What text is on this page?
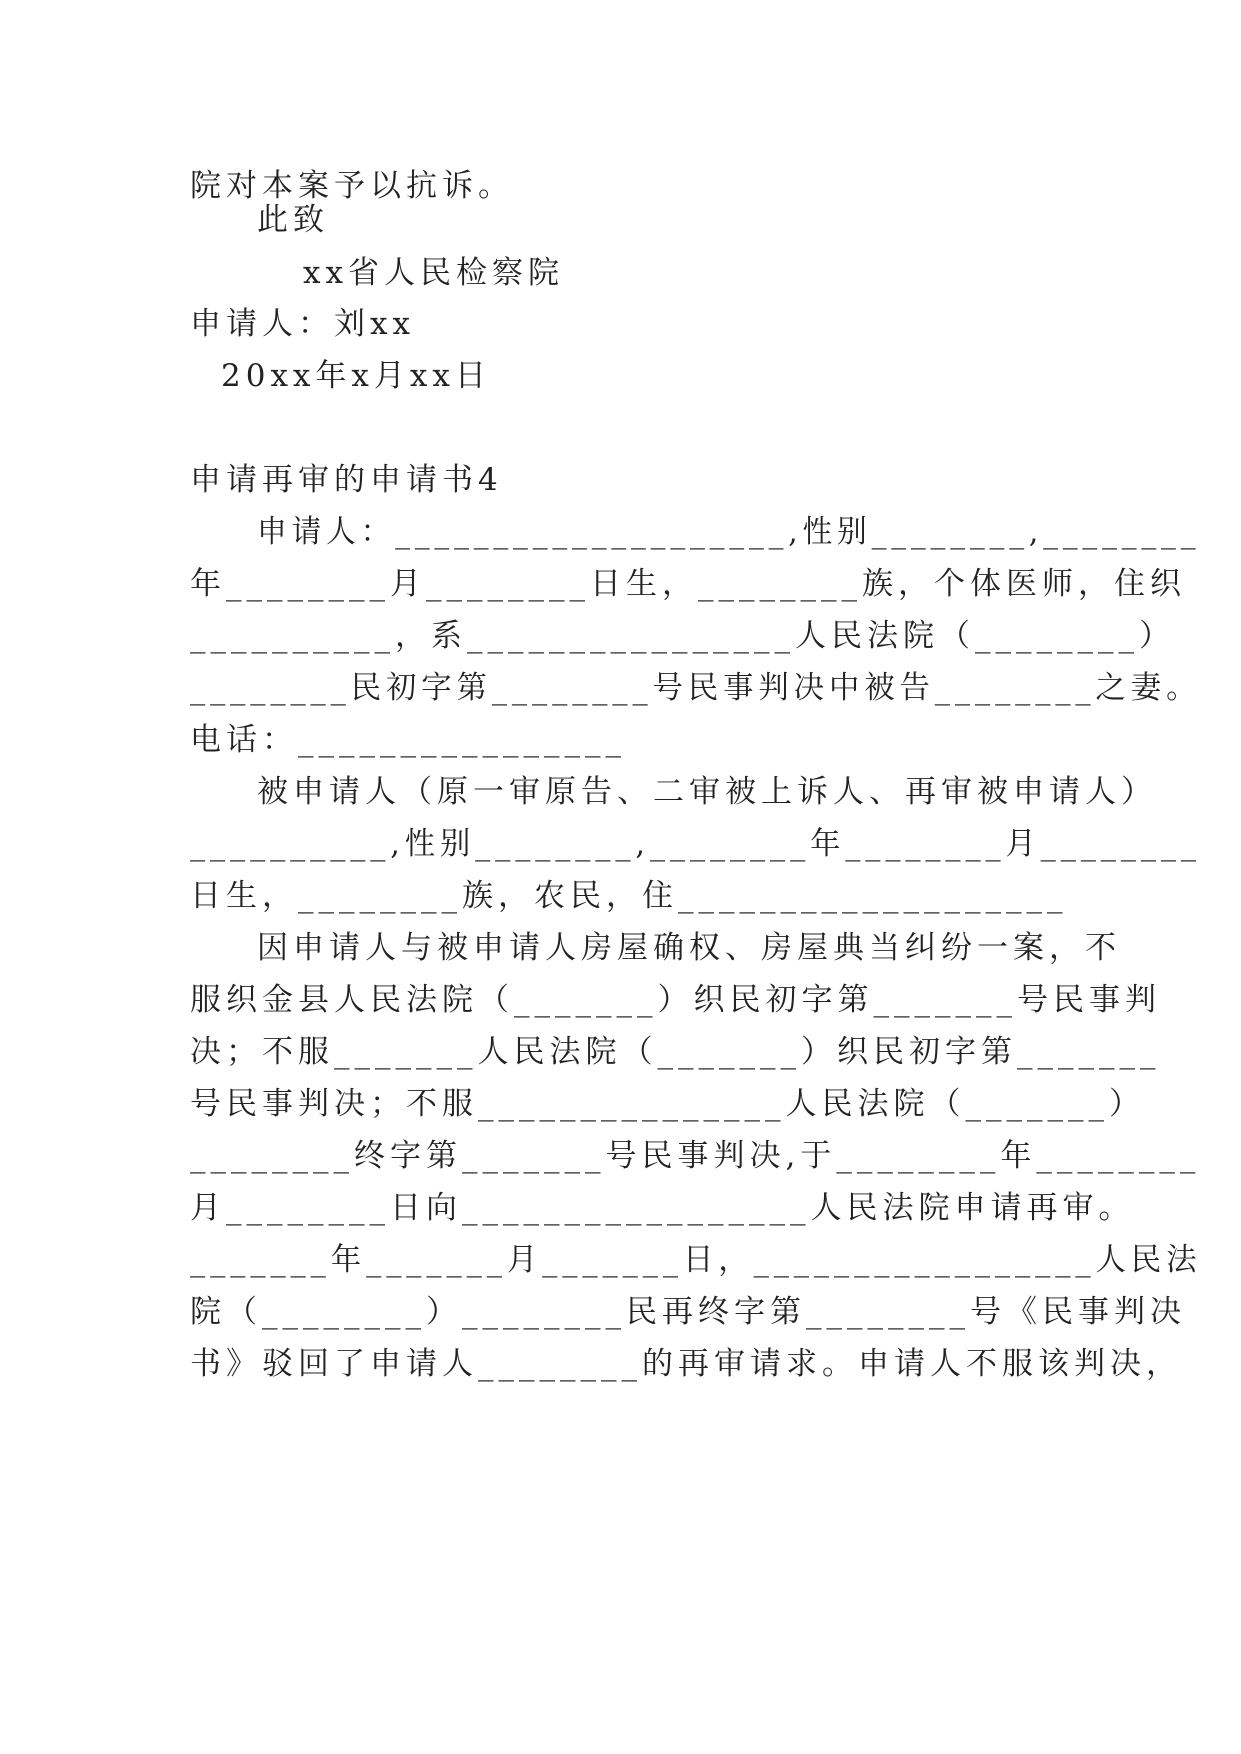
院对本案予以抗诉。
此致
xx省人民检察院
申请人：刘xx
20xx年x月xx日
申请再审的申请书4
申请人：____________________,性别________,________
年________月________日生，________族，个体医师，住织
__________，系________________人民法院（________）
________民初字第________号民事判决中被告________之妻。
电话：________________
被申请人（原一审原告、二审被上诉人、再审被申请人）
__________,性别________,________年________月________
日生，________族，农民，住___________________
因申请人与被申请人房屋确权、房屋典当纠纷一案，不
服织金县人民法院（_______）织民初字第_______号民事判
决；不服_______人民法院（_______）织民初字第_______
号民事判决；不服_______________人民法院（_______）
________终字第_______号民事判决,于________年________
月________日向_________________人民法院申请再审。
_______年_______月_______日，_________________人民法
院（________）________民再终字第________号《民事判决
书》驳回了申请人________的再审请求。申请人不服该判决，
